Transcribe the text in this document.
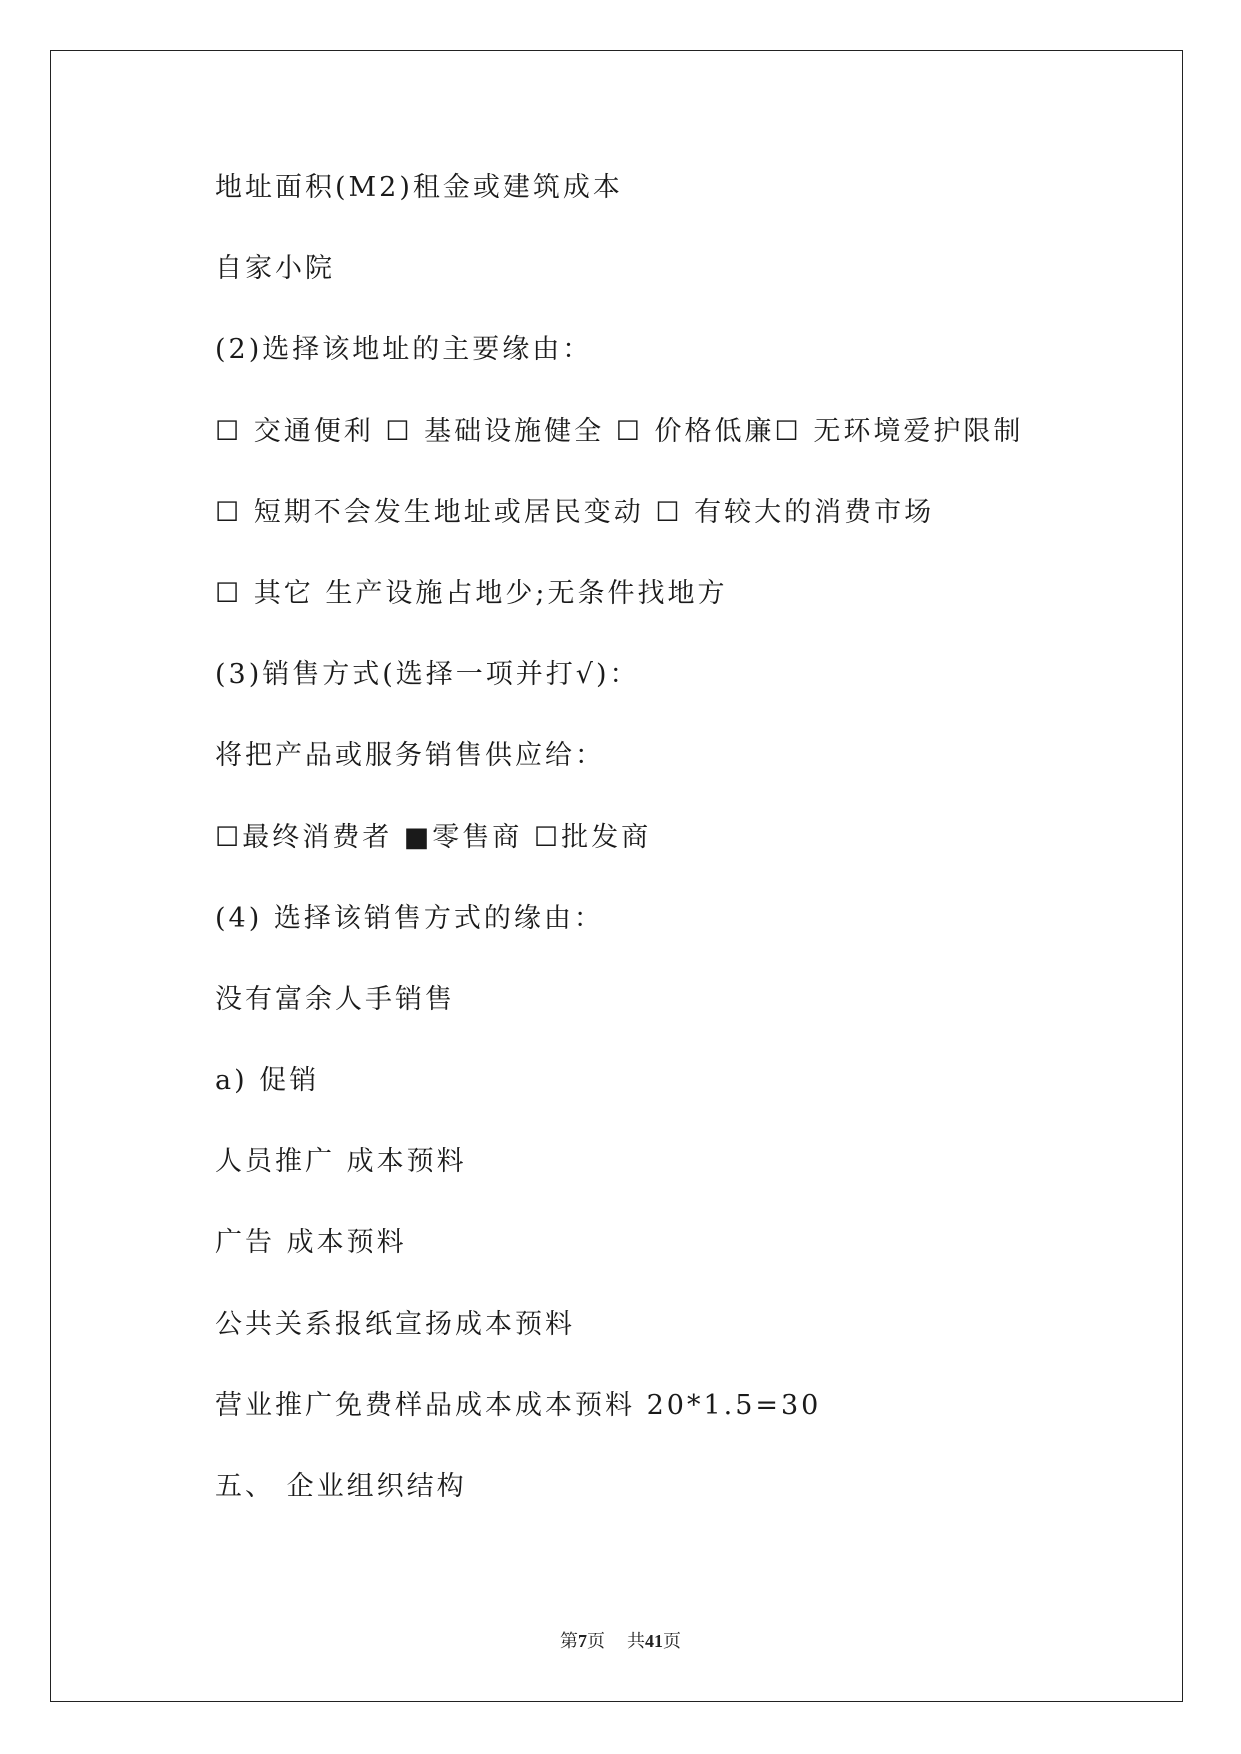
地址面积(M2)租金或建筑成本
自家小院
(2)选择该地址的主要缘由：
☐ 交通便利 ☐ 基础设施健全 ☐ 价格低廉☐ 无环境爱护限制
☐ 短期不会发生地址或居民变动 ☐ 有较大的消费市场
☐ 其它 生产设施占地少;无条件找地方
(3)销售方式(选择一项并打√)：
将把产品或服务销售供应给：
☐最终消费者 ■零售商 ☐批发商
(4) 选择该销售方式的缘由：
没有富余人手销售
a) 促销
人员推广 成本预料
广告 成本预料
公共关系报纸宣扬成本预料
营业推广免费样品成本成本预料 20*1.5=30
五、 企业组织结构
第7页 共41页
